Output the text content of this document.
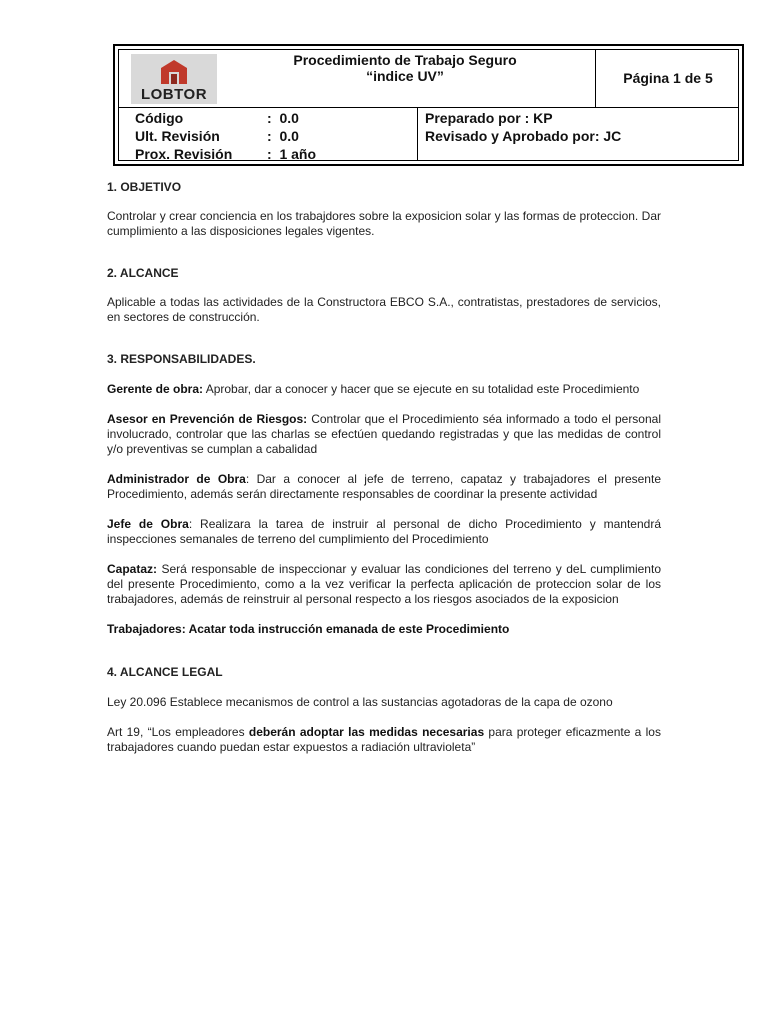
LOBTOR
Procedimiento de Trabajo Seguro
“indice UV”	Página 1 de 5
Código	:  0.0
Ult. Revisión	:  0.0
Prox. Revisión	:  1 año
Preparado por : KP
Revisado y Aprobado por: JC

1. OBJETIVO

Controlar y crear conciencia en los trabajdores sobre la exposicion solar y las formas de proteccion. Dar cumplimiento a las disposiciones legales vigentes.

2. ALCANCE

Aplicable a todas las actividades de la Constructora EBCO S.A., contratistas, prestadores de servicios, en sectores de construcción.

3. RESPONSABILIDADES.

Gerente de obra: Aprobar, dar a conocer y hacer que se ejecute en su totalidad este Procedimiento

Asesor en Prevención de Riesgos: Controlar que el Procedimiento séa informado a todo el personal involucrado, controlar que las charlas se efectúen quedando registradas y que las medidas de control y/o preventivas se cumplan a cabalidad

Administrador de Obra: Dar a conocer al jefe de terreno, capataz y trabajadores el presente Procedimiento, además serán directamente responsables de coordinar la presente actividad

Jefe de Obra: Realizara la tarea de instruir al personal de dicho Procedimiento y mantendrá inspecciones semanales de terreno del cumplimiento del Procedimiento

Capataz: Será responsable de inspeccionar y evaluar las condiciones del terreno y deL cumplimiento del presente Procedimiento, como a la vez verificar la perfecta aplicación de proteccion solar de los trabajadores, además de reinstruir al personal respecto a los riesgos asociados de la exposicion

Trabajadores: Acatar toda instrucción emanada de este Procedimiento

4. ALCANCE LEGAL

Ley 20.096 Establece mecanismos de control a las sustancias agotadoras de la capa de ozono

Art 19, “Los empleadores deberán adoptar las medidas necesarias para proteger eficazmente a los trabajadores cuando puedan estar expuestos a radiación ultravioleta”
